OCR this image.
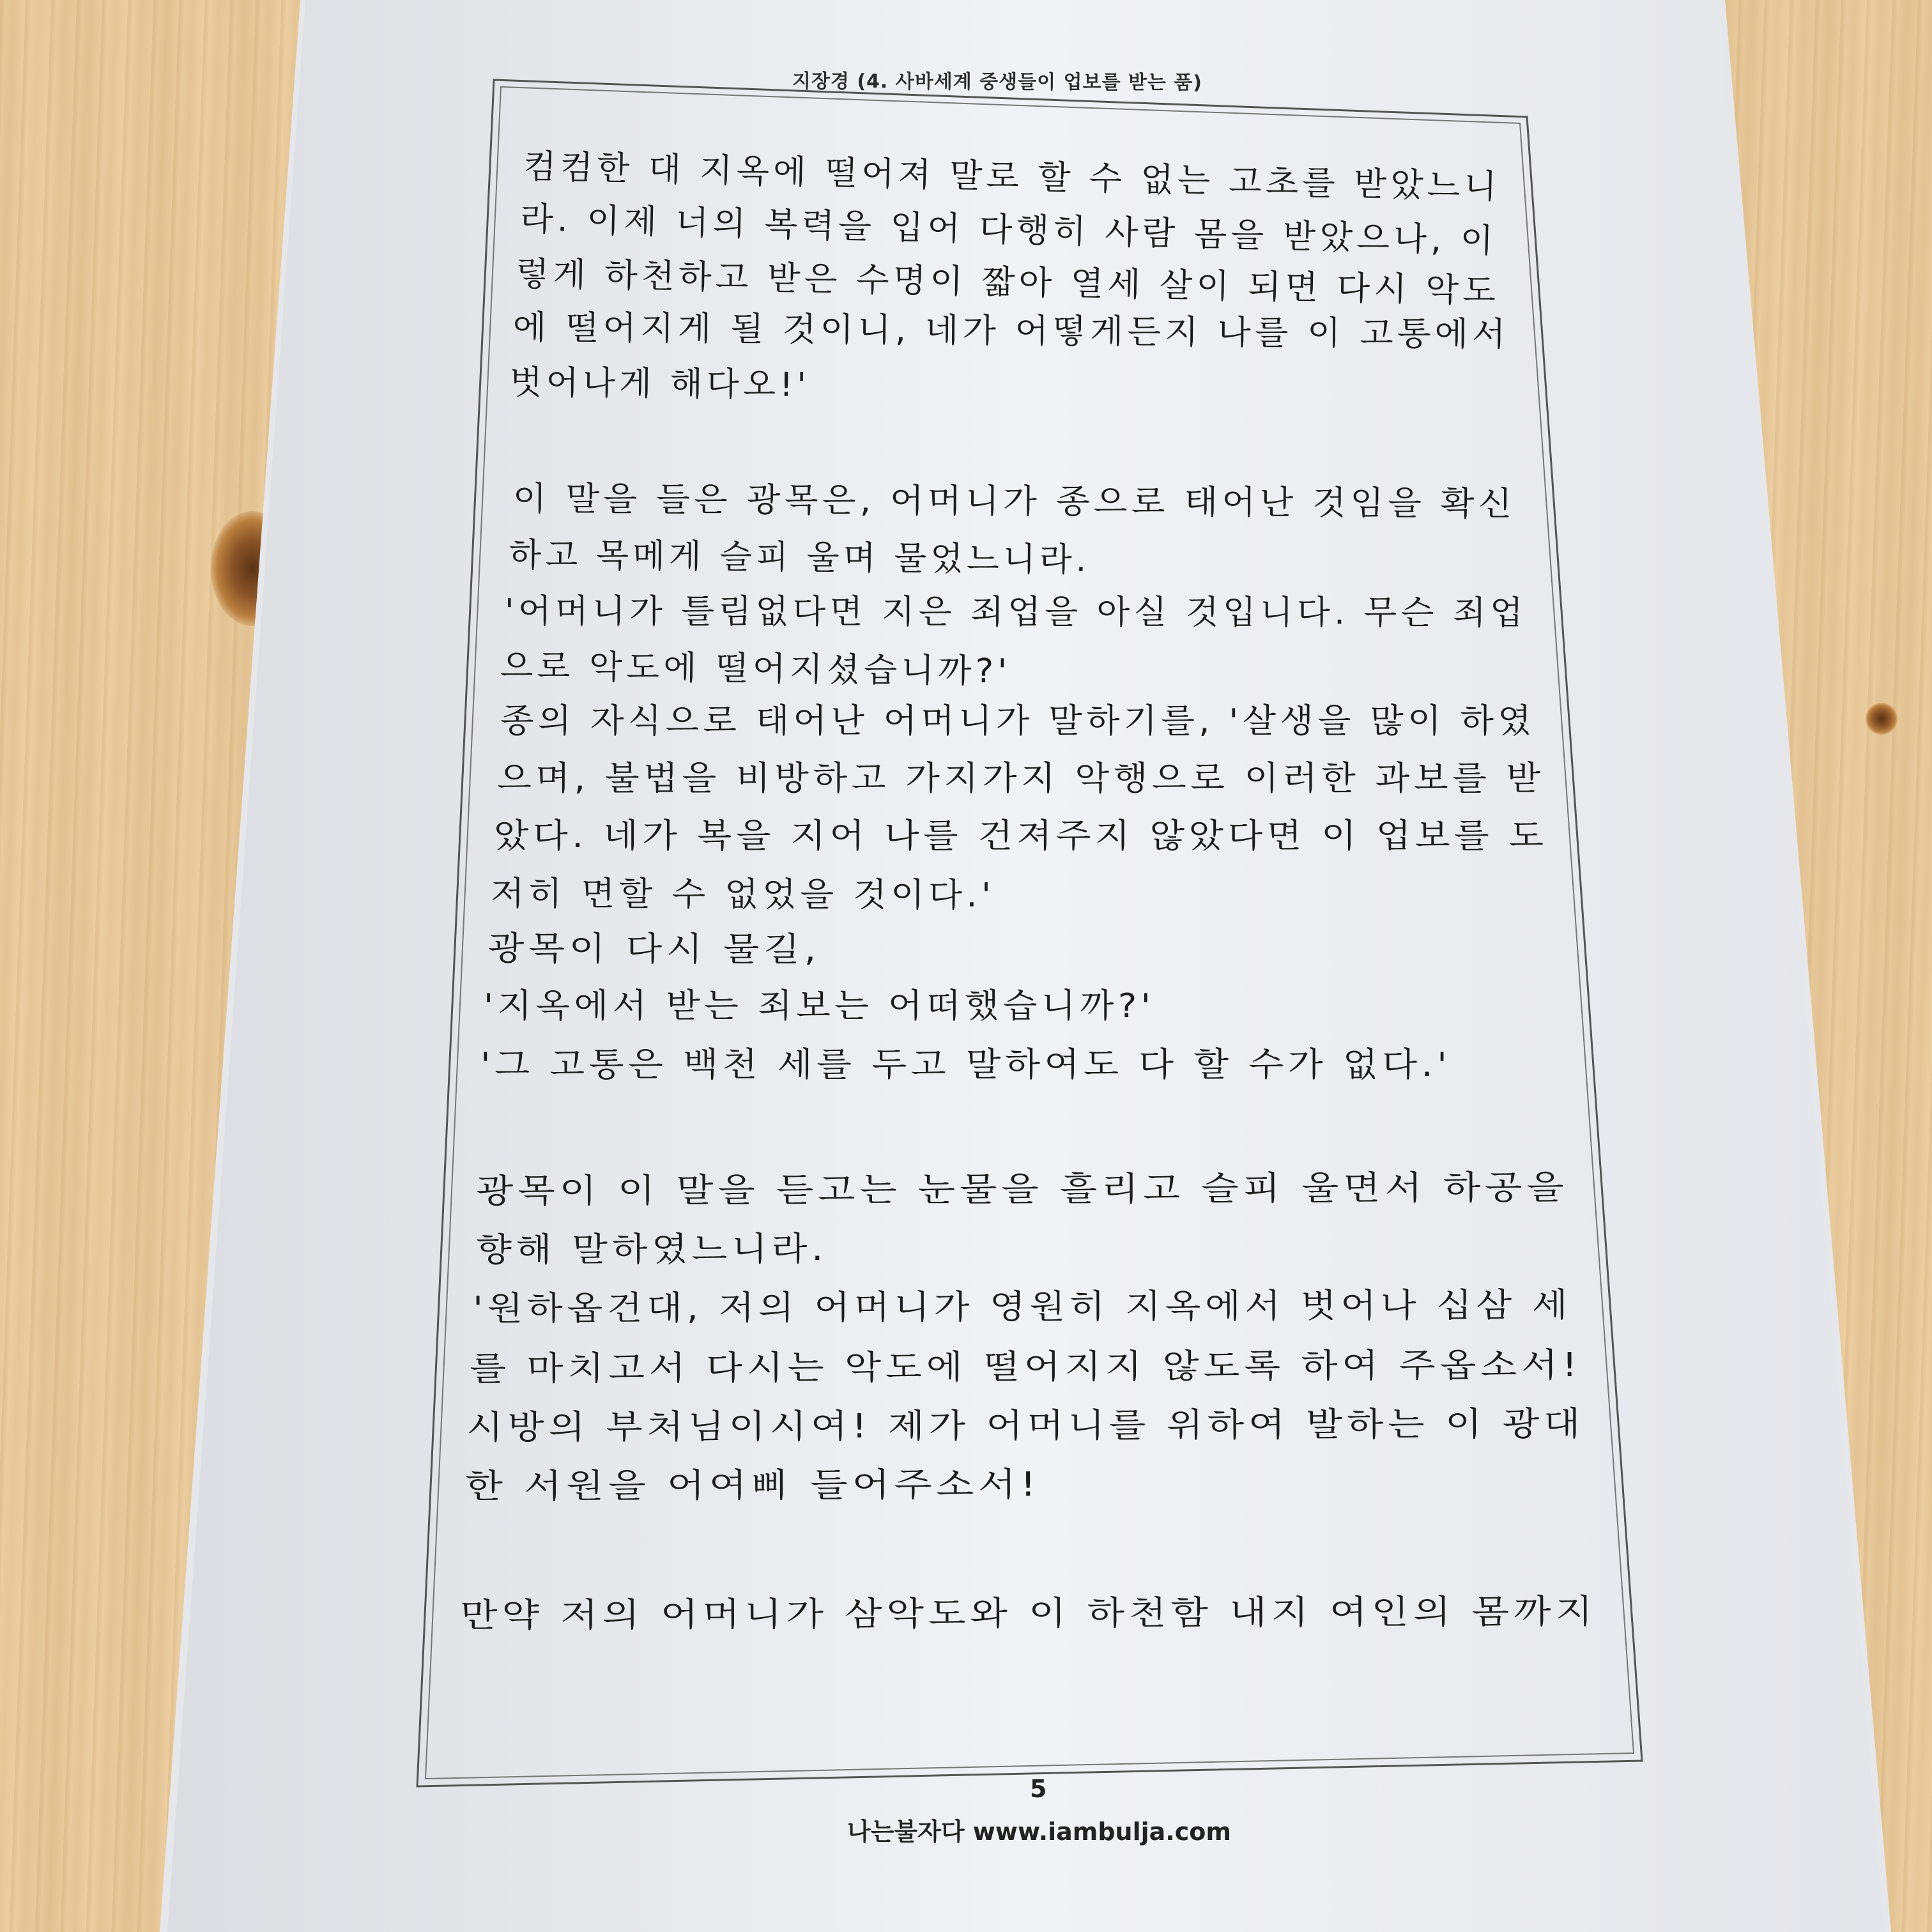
지장경 (4. 사바세계 중생들이 업보를 받는 품)
컴컴한 대 지옥에 떨어져 말로 할 수 없는 고초를 받았느니
라. 이제 너의 복력을 입어 다행히 사람 몸을 받았으나, 이
렇게 하천하고 받은 수명이 짧아 열세 살이 되면 다시 악도
에 떨어지게 될 것이니, 네가 어떻게든지 나를 이 고통에서
벗어나게 해다오!'
이 말을 들은 광목은, 어머니가 종으로 태어난 것임을 확신
하고 목메게 슬피 울며 물었느니라.
'어머니가 틀림없다면 지은 죄업을 아실 것입니다. 무슨 죄업
으로 악도에 떨어지셨습니까?'
종의 자식으로 태어난 어머니가 말하기를, '살생을 많이 하였
으며, 불법을 비방하고 가지가지 악행으로 이러한 과보를 받
았다. 네가 복을 지어 나를 건져주지 않았다면 이 업보를 도
저히 면할 수 없었을 것이다.'
광목이 다시 물길,
'지옥에서 받는 죄보는 어떠했습니까?'
'그 고통은 백천 세를 두고 말하여도 다 할 수가 없다.'
광목이 이 말을 듣고는 눈물을 흘리고 슬피 울면서 하공을
향해 말하였느니라.
'원하옵건대, 저의 어머니가 영원히 지옥에서 벗어나 십삼 세
를 마치고서 다시는 악도에 떨어지지 않도록 하여 주옵소서!
시방의 부처님이시여! 제가 어머니를 위하여 발하는 이 광대
한 서원을 어여삐 들어주소서!
만약 저의 어머니가 삼악도와 이 하천함 내지 여인의 몸까지
5
나는불자다 www.iambulja.com
